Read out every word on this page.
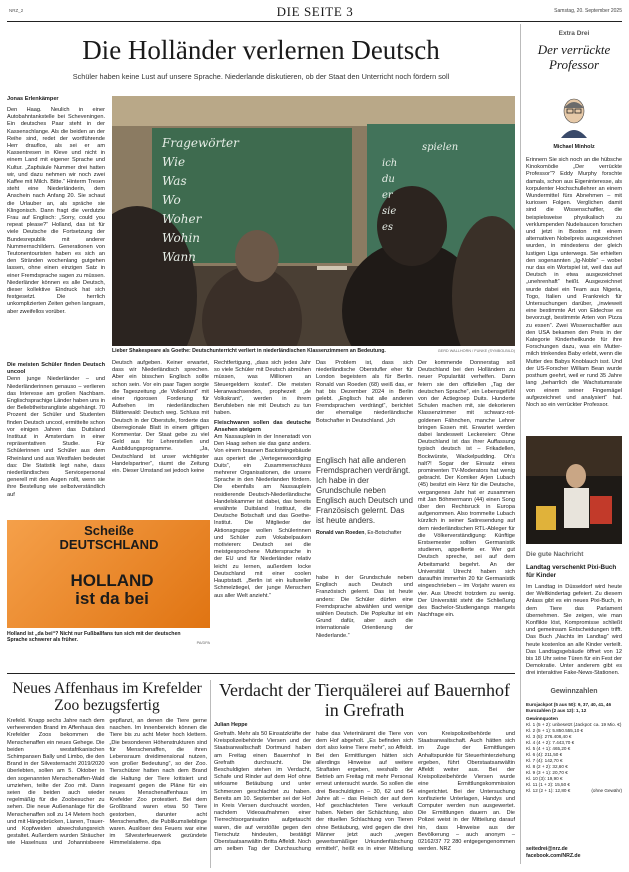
NRZ_2	DIE SEITE 3	Samstag, 20. September 2025
Die Holländer verlernen Deutsch
Schüler haben keine Lust auf unsere Sprache. Niederlande diskutieren, ob der Staat den Unterricht noch fördern soll
Jonas Erlenkämper
Den Haag. Neulich in einer Autobahntankstelle bei Scheveningen. Ein deutsches Paar steht in der Kassenschlange. Als die beiden an der Reihe sind, redet der wortführende Herr drauflos, als sei er am Kassentresen in Kleve und nicht in einem Land mit eigener Sprache und Kultur. „Zapfsäule Nummer drei hatten wir, und dazu nehmen wir noch zwei Kaffee mit Milch. Bitte.“ Hinterm Tresen steht eine Niederländerin, dem Anschein nach Anfang 20. Sie schaut die Urlauber an, als spräche sie Klingonisch. Dann fragt die verdutzte Frau auf Englisch: „Sorry, could you repeat please?“ Holland, das ist für viele Deutsche die Fortsetzung der Bundesrepublik mit anderer Nummernschildern. Generationen von Teutonentouristen haben es sich an den Stränden wochenlang gutgehen lassen, ohne einen einzigen Satz in einer Fremdsprache sagen zu müssen. Niederländer können es alle Deutsch, dieser kollektive Eindruck hat sich festgesetzt. Die herrlich unkomplizierten Zeiten gehen langsam, aber zweifellos vorüber.
Die meisten Schüler finden Deutsch uncool
Denn junge Niederländer – und Niederländerinnen genauso – verlieren das Interesse am großen Nachbarn. Englischsprachige Länder haben uns in der Beliebtheitsrangliste abgehängt. 70 Prozent der Schüler und Studenten finden Deutsch uncool, ermittelte schon vor einigen Jahren das Duitsland Instituut in Amsterdam in einer repräsentativen Studie. Für Schülerinnen und Schüler aus dem Rheinland und aus Westfalen bedeutet das: Die Statistik legt nahe, dass niederländisches Servicepersonal generell mit den Augen rollt, wenn sie ihre Bestellung wie selbstverständlich auf
Fragewörter
Wie
Was
Wo
Woher
Wohin
Wann
spielen
ich
du
er
sie
es
Lieber Shakespeare als Goethe: Deutschunterricht verliert in niederländischen Klassenzimmern an Bedeutung.	GERD WALLHORN / FUNKE (SYMBOLBILD)
Deutsch aufgeben. Keiner erwartet, dass wir Niederländisch sprechen. Aber ein bisschen Englisch sollte schon sein. Vor ein paar Tagen sorgte die Tageszeitung „de Volkskrant“ mit einer rigorosen Forderung für Aufsehen im niederländischen Blätterwald: Deutsch weg. Schluss mit Deutsch in der Oberstufe, forderte das überregionale Blatt in einem giftigen Kommentar. Der Staat gebe zu viel Geld aus für Lehrerstellen und Ausbildungsprogramme. „Ja, Deutschland ist unser wichtigster Handelspartner“, räumt die Zeitung ein. Dieser Umstand sei jedoch keine
Rechtfertigung, „dass sich jedes Jahr so viele Schüler mit Deutsch abmühen müssen, was Millionen an Steuergeldern kostet“. Die meisten Heranwachsenden, prophezeit „de Volkskrant“, werden in ihrem Berufsleben nie mit Deutsch zu tun haben.
Fleischwaren sollen das deutsche Ansehen steigern
Am Nassauplein in der Innenstadt von Den Haag sehen sie das ganz anders. Von einem braunen Backsteingebäude aus operiert die „Vertegenwoordiging Duits“, ein Zusammenschluss mehrerer Organisationen, die unsere Sprache in den Niederlanden fördern. Die ebenfalls am Nassauplein residierende Deutsch-Niederländische Handelskammer ist dabei, das bereits erwähnte Duitsland Instituut, die Deutsche Botschaft und das Goethe-Institut. Die Mitglieder der Aktionsgruppe wollen Schülerinnen und Schüler zum Vokabelpauken motivieren: Deutsch sei die meistgesprochene Muttersprache in der EU und für Niederländer relativ leicht zu lernen, außerdem locke Deutschland mit einer coolen Hauptstadt. „Berlin ist ein kultureller Schmelztiegel, der junge Menschen aus aller Welt anzieht.“
Das Problem ist, dass sich niederländische Oberstufler eher für London begeistern als für Berlin. Ronald van Roeden (68) weiß das, er hat bis Dezember 2024 in Berlin gelebt. „Englisch hat alle anderen Fremdsprachen verdrängt“, berichtet der ehemalige niederländische Botschafter in Deutschland. „Ich
Englisch hat alle anderen Fremdsprachen verdrängt. Ich habe in der Grundschule neben Englisch auch Deutsch und Französisch gelernt. Das ist heute anders.
Ronald van Roeden, Ex-Botschafter
habe in der Grundschule neben Englisch auch Deutsch und Französisch gelernt. Das ist heute anders: Die Schüler dürfen eine Fremdsprache abwählen und wenige wählen Deutsch. Die Popkultur ist ein Grund dafür, aber auch die internationale Orientierung der Niederlande.“
Der kommende Donnerstag soll Deutschland bei den Holländern zu neuer Popularität verhelfen. Dann feiern sie den offiziellen „Tag der deutschen Sprache“, ein Lebensgefühl von der Actiegroep Duits. Hunderte Schulen machen mit, sie dekorieren Klassenzimmer mit schwarz-rot-goldenen Fähnchen, manche Lehrer bringen Essen mit. Erwartet werden dabei landesweit Leckereien: Ohne Deutschland ist das ihrer Auffassung typisch deutsch ist – Frikadellen, Bockwürste, Wackelpudding. Oh's halt?! Sogar der Einsatz eines prominenten TV-Moderators hat wenig gebracht. Der Komiker Arjen Lubach (45) besitzt ein Herz für die Deutsche, vergangenes Jahr hat er zusammen mit Jan Böhmermann (44) einen Song über den Rechtsruck in Europa aufgenommen. Also trommelte Lubach kürzlich in seiner Satiresendung auf dem niederländischen RTL-Ableger für die Völkerverständigung: Künftige Erstsemester sollten Germanistik studieren, appellierte er. Wer gut Deutsch spreche, sei auf dem Arbeitsmarkt begehrt. An der Universität Utrecht haben sich daraufhin immerhin 20 für Germanistik eingeschrieben – im Vorjahr waren es vier. Aus Utrecht trotzdem zu wenig. Der Universität steht die Schließung des Bachelor-Studiengangs mangels Nachfrage ein.
Scheiße
DEUTSCHLAND
HOLLAND
ist da bei
Holland ist „da bei“? Nicht nur Fußballfans tun sich mit der deutschen Sprache schwerer als früher.	PA/DPA
Extra Drei
Der verrückte Professor
Michael Minholz
Erinnern Sie sich noch an die hübsche Kinokomödie „Der verrückte Professor“? Eddy Murphy forschte damals, schon aus Eigeninteresse, als korpulenter Hochschullehrer an einem Wundermittel fürs Abnehmen – mit kuriosen Folgen. Verglichen damit sind die Wissenschaftler, die beispielsweise physikalisch zu verklumpenden Nudelsaucen forschen und jetzt in Boston mit einem alternativen Nobelpreis ausgezeichnet wurden, in mindestens der gleich lustigen Liga unterwegs. Sie erhielten den sogenannten „Ig-Noble“ – wobei nur das ein Wortspiel ist, weil das auf Deutsch in etwa ausgezeichnet „unehrenhaft“ heißt. Ausgezeichnet wurde dabei ein Team aus Nigeria, Togo, Italien und Frankreich für Untersuchungen darüber, „inwieweit eine bestimmte Art von Eidechse es bevorzugt, bestimmte Arten von Pizza zu essen“. Zwei Wissenschaftler aus den USA bekamen den Preis in der Kategorie Kinderheilkunde für ihre Forschungen dazu, was ein Mutter-milch trinkendes Baby erlebt, wenn die Mutter des Babys Knoblauch isst. Und der US-Forscher William Bean wurde posthum geehrt, weil er rund 35 Jahre lang „beharrlich die Wachstumsrate von einem seiner Fingernägel aufgezeichnet und analysiert“ hat. Noch so ein verrückter Professor.
Die gute Nachricht
Landtag verschenkt Pixi-Buch für Kinder
Im Landtag in Düsseldorf wird heute der Weltkindertag gefeiert. Zu diesem Anlass gibt es ein neues Pixi-Buch, in dem Tiere das Parlament übernehmen. Sie zeigen, wie man Konflikte löst, Kompromisse schließt und gemeinsam Entscheidungen trifft. Das Buch „Nachts im Landtag“ wird heute kostenlos an alle Kinder verteilt. Das Landtagsgebäude öffnet von 12 bis 18 Uhr seine Türen für ein Fest der Demokratie. Unter anderem gibt es drei interaktive Fake-News-Stationen.
Gewinnzahlen
Eurojackpot (5 aus 50): 9, 37, 40, 41, 46
Eurozahlen (2 aus 12): 1, 12
Gewinnquoten
Kl. 1 (5 + 2): unbesetzt (Jackpot: ca. 19 Mio. €)
Kl. 2 (5 + 1): 5.850.555,10 €
Kl. 3 (5): 276.408,40 €
Kl. 4 (4 + 2): 7.443,70 €
Kl. 5 (4 + 1): 465,20 €
Kl. 6 (4): 211,50 €
Kl. 7 (4): 142,70 €
Kl. 8 (2 + 2): 32,60 €
Kl. 9 (3 + 1): 20,70 €
Kl. 10 (3): 19,90 €
Kl. 11 (1 + 2): 15,50 €
Kl. 12 (2 + 1): 12,80 €	(ohne Gewähr)
seitedrei@nrz.de
facebook.com/NRZ.de
Neues Affenhaus im Krefelder Zoo bezugsfertig
Krefeld. Knapp sechs Jahre nach dem verheerenden Brand im Affenhaus des Krefelder Zoos bekommen die Menschenaffen ein neues Gehege. Die beiden westafrikanischen Schimpansen Bally und Limbo, die den Brand in der Silvesternacht 2019/2020 überlebten, sollen am 5. Oktober in den sogenannten Menschenaffen-Wald umziehen, teilte der Zoo mit. Dann seien die beiden auch wieder regelmäßig für die Zoobesucher zu sehen. Die neue Außenanlage für die Menschenaffen soll zu 14 Metern hoch und mit Hängebrücken, Lianen, Trauer- und Kopfweiden abwechslungsreich gestaltet. Außerdem wurden Sträucher wie Haselnuss und Johannisbeere gepflanzt, an denen die Tiere gerne naschen. Im Innenbereich können die Tiere bis zu acht Meter hoch klettern. „Die besonderen Höhenstrukturen sind für Menschenaffen, die ihren Lebensraum dreidimensional nutzen, von großer Bedeutung“, so der Zoo. Tierschützer hatten nach dem Brand die Haltung der Tiere kritisiert und insgesamt gegen die Pläne für ein neues Menschenaffenhaus im Krefelder Zoo protestiert. Bei dem Großbrand waren etwa 50 Tiere gestorben, darunter acht Menschenaffen, die Publikumslieblinge waren. Auslöser des Feuers war eine im Silvesterfeuerwerk gezündete Himmelslaterne. dpa
Verdacht der Tierquälerei auf Bauernhof in Grefrath
Julian Heppe
Grefrath. Mehr als 50 Einsatzkräfte der Kreispolizeibehörde Viersen und der Staatsanwaltschaft Dortmund haben am Freitag einen Bauernhof in Grefrath durchsucht. Die Beschuldigten stehen im Verdacht, Schafe und Rinder auf dem Hof ohne wirksame Betäubung und unter Schmerzen geschlachtet zu haben. Bereits am 10. September sei der Hof in Kreis Viersen durchsucht worden, nachdem Videoaufnahmen einer Tierrechtsorganisation aufgetaucht waren, die auf verstößte gegen den Tierschutz hindeuten, bestätigt Oberstaatsanwältin Britta Affeldt. Noch am selben Tag der Durchsuchung habe das Veterinäramt die Tiere von dem Hof abgeholt. „Es befinden sich dort also keine Tiere mehr“, so Affeldt. Bei den Ermittlungen hätten sich allerdings Hinweise auf weitere Straftaten ergeben, weshalb der Betrieb am Freitag mit mehr Personal erneut untersucht wurde. So sollen die drei Beschuldigten – 30, 62 und 64 Jahre alt – das Fleisch der auf dem Hof geschlachteten Tiere verkauft haben. Neben der Schächtung, also der rituellen Schlachtung von Tieren ohne Betäubung, wird gegen die drei Männer jetzt auch „wegen gewerbsmäßiger Urkundenfälschung ermittelt“, heißt es in einer Mitteilung von Kreispolizeibehörde und Staatsanwaltschaft. Auch hätten sich im Zuge der Ermittlungen Anhaltspunkte für Steuerhinterziehung ergeben, führt Oberstaatsanwältin Affeldt weiter aus. Bei der Kreispolizeibehörde Viersen wurde eine Ermittlungskommission eingerichtet. Bei der Untersuchung konfiszierte Unterlagen, Handys und Computer werden nun ausgewertet. Die Ermittlungen dauern an. Die Polizei weist in der Mitteilung darauf hin, dass Hinweise aus der Bevölkerung – auch anonym – 02162/37 72 280 entgegengenommen werden. NRZ
